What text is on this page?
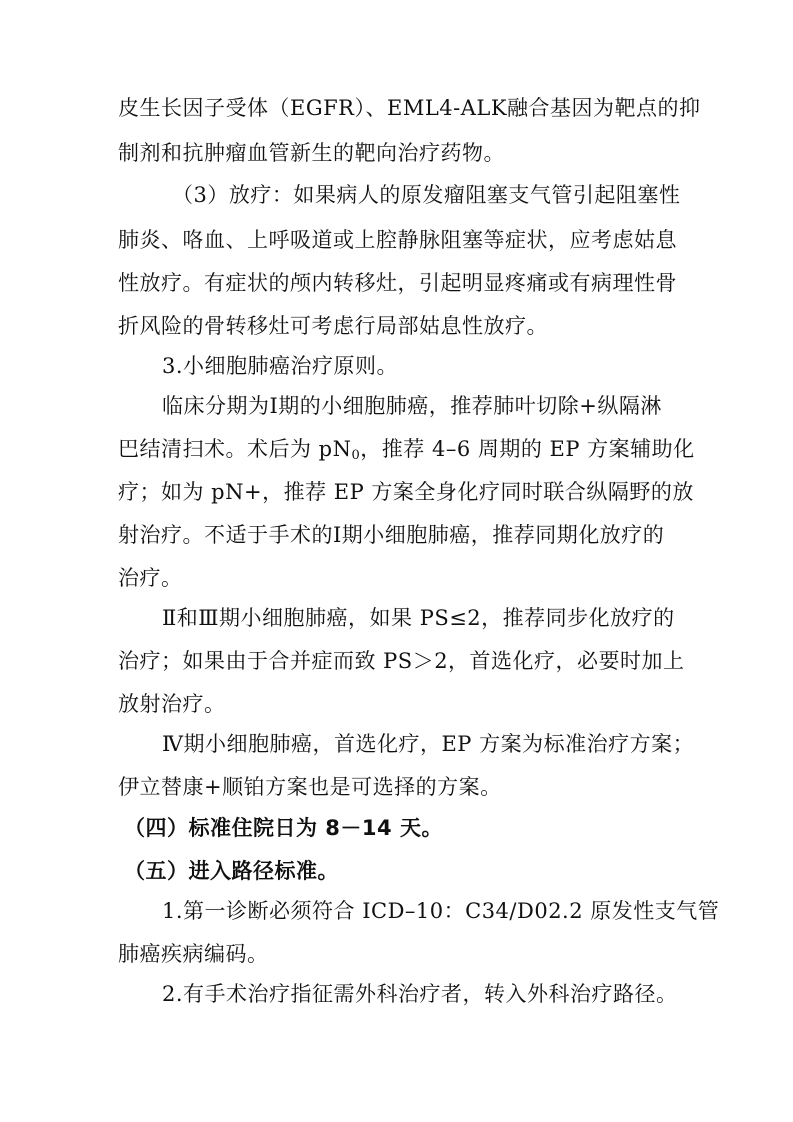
皮生长因子受体（EGFR）、EML4-ALK融合基因为靶点的抑
制剂和抗肿瘤血管新生的靶向治疗药物。
（3）放疗：如果病人的原发瘤阻塞支气管引起阻塞性
肺炎、咯血、上呼吸道或上腔静脉阻塞等症状，应考虑姑息
性放疗。有症状的颅内转移灶，引起明显疼痛或有病理性骨
折风险的骨转移灶可考虑行局部姑息性放疗。
3.小细胞肺癌治疗原则。
临床分期为Ⅰ期的小细胞肺癌，推荐肺叶切除+纵隔淋
巴结清扫术。术后为 $pN_0$，推荐 4–6 周期的 EP 方案辅助化
疗；如为 pN+，推荐 EP 方案全身化疗同时联合纵隔野的放
射治疗。不适于手术的Ⅰ期小细胞肺癌，推荐同期化放疗的
治疗。
Ⅱ和Ⅲ期小细胞肺癌，如果 PS≤2，推荐同步化放疗的
治疗；如果由于合并症而致 PS＞2，首选化疗，必要时加上
放射治疗。
Ⅳ期小细胞肺癌，首选化疗，EP 方案为标准治疗方案；
伊立替康+顺铂方案也是可选择的方案。
（四）标准住院日为 8－14 天。
（五）进入路径标准。
1.第一诊断必须符合 ICD–10：C34/D02.2 原发性支气管
肺癌疾病编码。
2.有手术治疗指征需外科治疗者，转入外科治疗路径。
